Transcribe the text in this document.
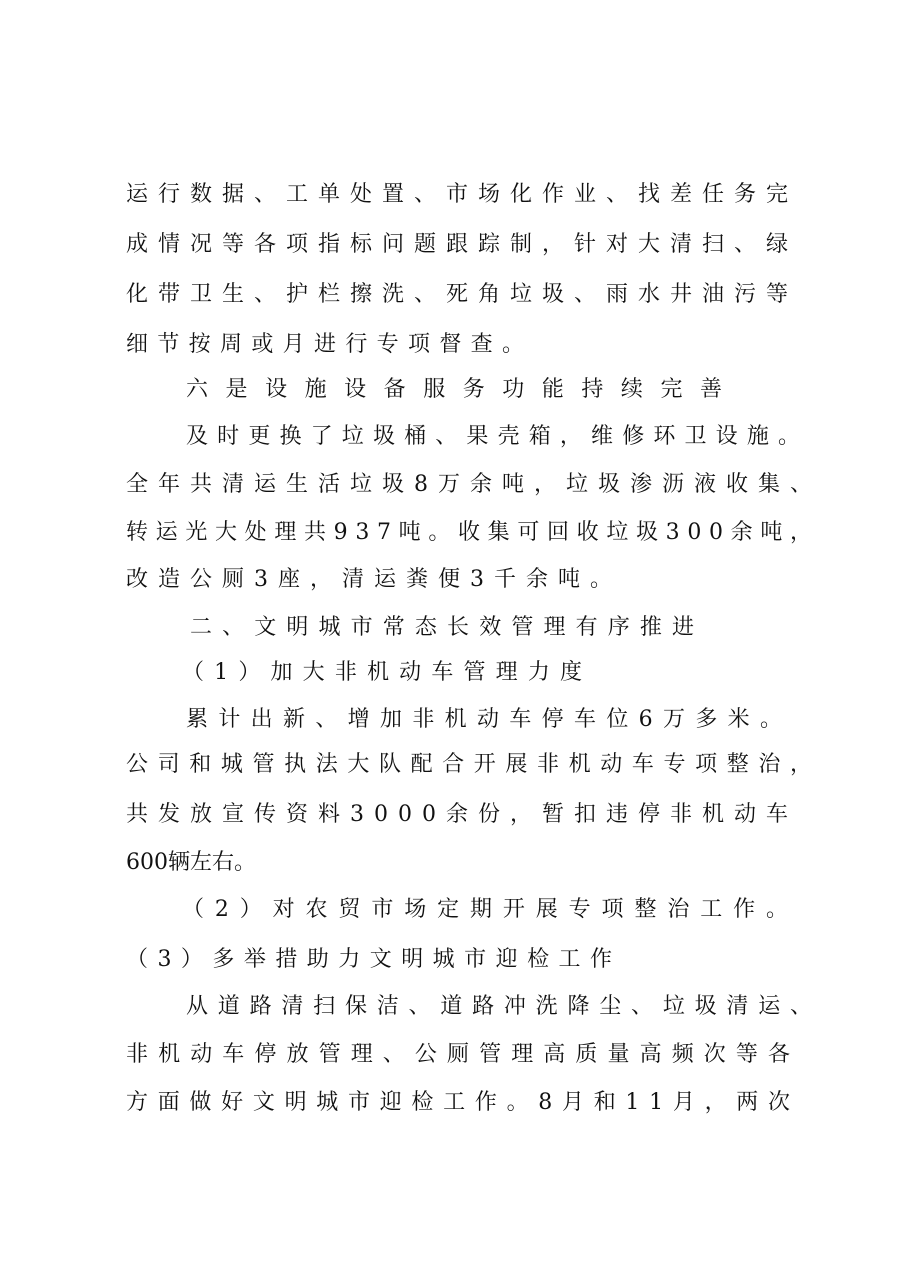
运行数据、工单处置、市场化作业、找差任务完
成情况等各项指标问题跟踪制，针对大清扫、绿
化带卫生、护栏擦洗、死角垃圾、雨水井油污等
细节按周或月进行专项督查。
六是设施设备服务功能持续完善
及时更换了垃圾桶、果壳箱，维修环卫设施。
全年共清运生活垃圾8万余吨，垃圾渗沥液收集、
转运光大处理共937吨。收集可回收垃圾300余吨，
改造公厕3座，清运粪便3千余吨。
二、文明城市常态长效管理有序推进
（1）加大非机动车管理力度
累计出新、增加非机动车停车位6万多米。
公司和城管执法大队配合开展非机动车专项整治，
共发放宣传资料3000余份，暂扣违停非机动车
600辆左右。
（2）对农贸市场定期开展专项整治工作。
（3）多举措助力文明城市迎检工作
从道路清扫保洁、道路冲洗降尘、垃圾清运、
非机动车停放管理、公厕管理高质量高频次等各
方面做好文明城市迎检工作。8月和11月，两次
